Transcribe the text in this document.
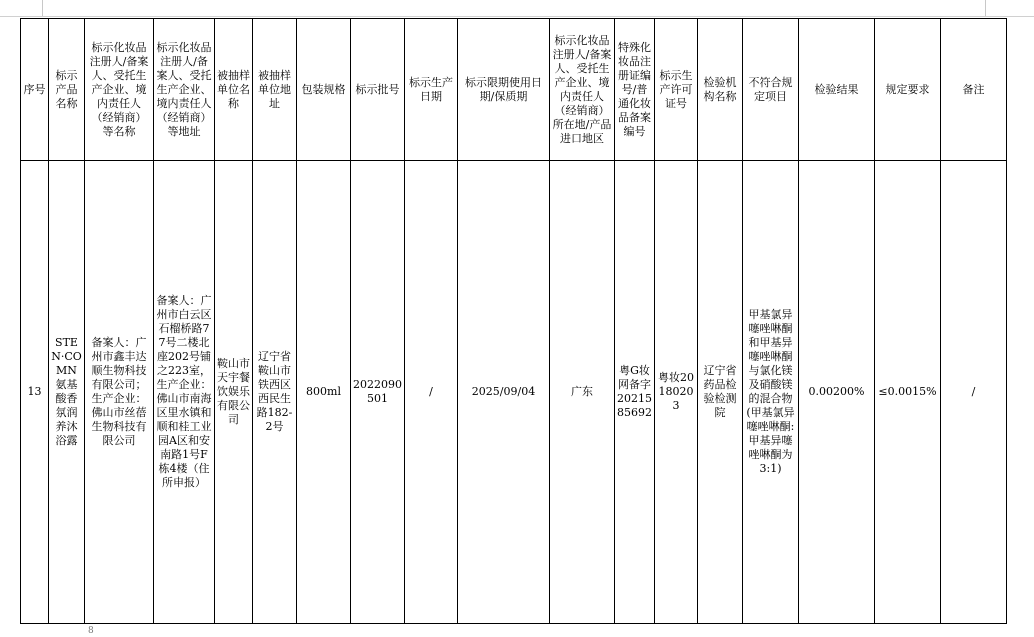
序号	标示产品名称	标示化妆品注册人/备案人、受托生产企业、境内责任人（经销商）等名称	标示化妆品注册人/备案人、受托生产企业、境内责任人（经销商）等地址	被抽样单位名称	被抽样单位地址	包装规格	标示批号	标示生产日期	标示限期使用日期/保质期	标示化妆品注册人/备案人、受托生产企业、境内责任人（经销商）所在地/产品进口地区	特殊化妆品注册证编号/普通化妆品备案编号	标示生产许可证号	检验机构名称	不符合规定项目	检验结果	规定要求	备注
13	STEN·COMN氨基酸香氛润养沐浴露	备案人：广州市鑫丰达顺生物科技有限公司；生产企业：佛山市丝蓓生物科技有限公司	备案人：广州市白云区石榴桥路77号二楼北座202号铺之223室，生产企业：佛山市南海区里水镇和顺和桂工业园A区和安南路1号F栋4楼（住所申报）	鞍山市天宇餐饮娱乐有限公司	辽宁省鞍山市铁西区西民生路182-2号	800ml	2022090501	/	2025/09/04	广东	粤G妆网备字2021585692	粤妆20180203	辽宁省药品检验检测院	甲基氯异噻唑啉酮和甲基异噻唑啉酮与氯化镁及硝酸镁的混合物(甲基氯异噻唑啉酮:甲基异噻唑啉酮为3:1)	0.00200%	≤0.0015%	/
8
